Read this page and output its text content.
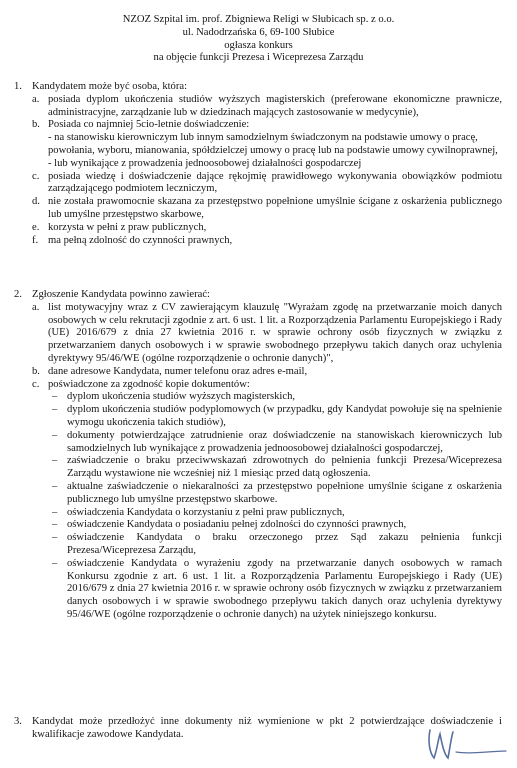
NZOZ Szpital im. prof. Zbigniewa Religi w Słubicach sp. z o.o.
ul. Nadodrzańska 6, 69-100 Słubice
ogłasza konkurs
na objęcie funkcji Prezesa i Wiceprezesa Zarządu
1. Kandydatem może być osoba, która:
a. posiada dyplom ukończenia studiów wyższych magisterskich (preferowane ekonomiczne prawnicze, administracyjne, zarządzanie lub w dziedzinach mających zastosowanie w medycynie),
b. Posiada co najmniej 5cio-letnie doświadczenie:
- na stanowisku kierowniczym lub innym samodzielnym świadczonym na podstawie umowy o pracę, powołania, wyboru, mianowania, spółdzielczej umowy o pracę lub na podstawie umowy cywilnoprawnej,
- lub wynikające z prowadzenia jednoosobowej działalności gospodarczej
c. posiada wiedzę i doświadczenie dające rękojmię prawidłowego wykonywania obowiązków podmiotu zarządzającego podmiotem leczniczym,
d. nie została prawomocnie skazana za przestępstwo popełnione umyślnie ścigane z oskarżenia publicznego lub umyślne przestępstwo skarbowe,
e. korzysta w pełni z praw publicznych,
f. ma pełną zdolność do czynności prawnych,
2. Zgłoszenie Kandydata powinno zawierać:
a. list motywacyjny wraz z CV zawierającym klauzulę "Wyrażam zgodę na przetwarzanie moich danych osobowych w celu rekrutacji zgodnie z art. 6 ust. 1 lit. a Rozporządzenia Parlamentu Europejskiego i Rady (UE) 2016/679 z dnia 27 kwietnia 2016 r. w sprawie ochrony osób fizycznych w związku z przetwarzaniem danych osobowych i w sprawie swobodnego przepływu takich danych oraz uchylenia dyrektywy 95/46/WE (ogólne rozporządzenie o ochronie danych)",
b. dane adresowe Kandydata, numer telefonu oraz adres e-mail,
c. poświadczone za zgodność kopie dokumentów:
– dyplom ukończenia studiów wyższych magisterskich,
– dyplom ukończenia studiów podyplomowych (w przypadku, gdy Kandydat powołuje się na spełnienie wymogu ukończenia takich studiów),
– dokumenty potwierdzające zatrudnienie oraz doświadczenie na stanowiskach kierowniczych lub samodzielnych lub wynikające z prowadzenia jednoosobowej działalności gospodarczej,
– zaświadczenie o braku przeciwwskazań zdrowotnych do pełnienia funkcji Prezesa/Wiceprezesa Zarządu wystawione nie wcześniej niż 1 miesiąc przed datą ogłoszenia.
– aktualne zaświadczenie o niekaralności za przestępstwo popełnione umyślnie ścigane z oskarżenia publicznego lub umyślne przestępstwo skarbowe.
– oświadczenia Kandydata o korzystaniu z pełni praw publicznych,
– oświadczenie Kandydata o posiadaniu pełnej zdolności do czynności prawnych,
– oświadczenie Kandydata o braku orzeczonego przez Sąd zakazu pełnienia funkcji Prezesa/Wiceprezesa Zarządu,
– oświadczenie Kandydata o wyrażeniu zgody na przetwarzanie danych osobowych w ramach Konkursu zgodnie z art. 6 ust. 1 lit. a Rozporządzenia Parlamentu Europejskiego i Rady (UE) 2016/679 z dnia 27 kwietnia 2016 r. w sprawie ochrony osób fizycznych w związku z przetwarzaniem danych osobowych i w sprawie swobodnego przepływu takich danych oraz uchylenia dyrektywy 95/46/WE (ogólne rozporządzenie o ochronie danych) na użytek niniejszego konkursu.
3. Kandydat może przedłożyć inne dokumenty niż wymienione w pkt 2 potwierdzające doświadczenie i kwalifikacje zawodowe Kandydata.
